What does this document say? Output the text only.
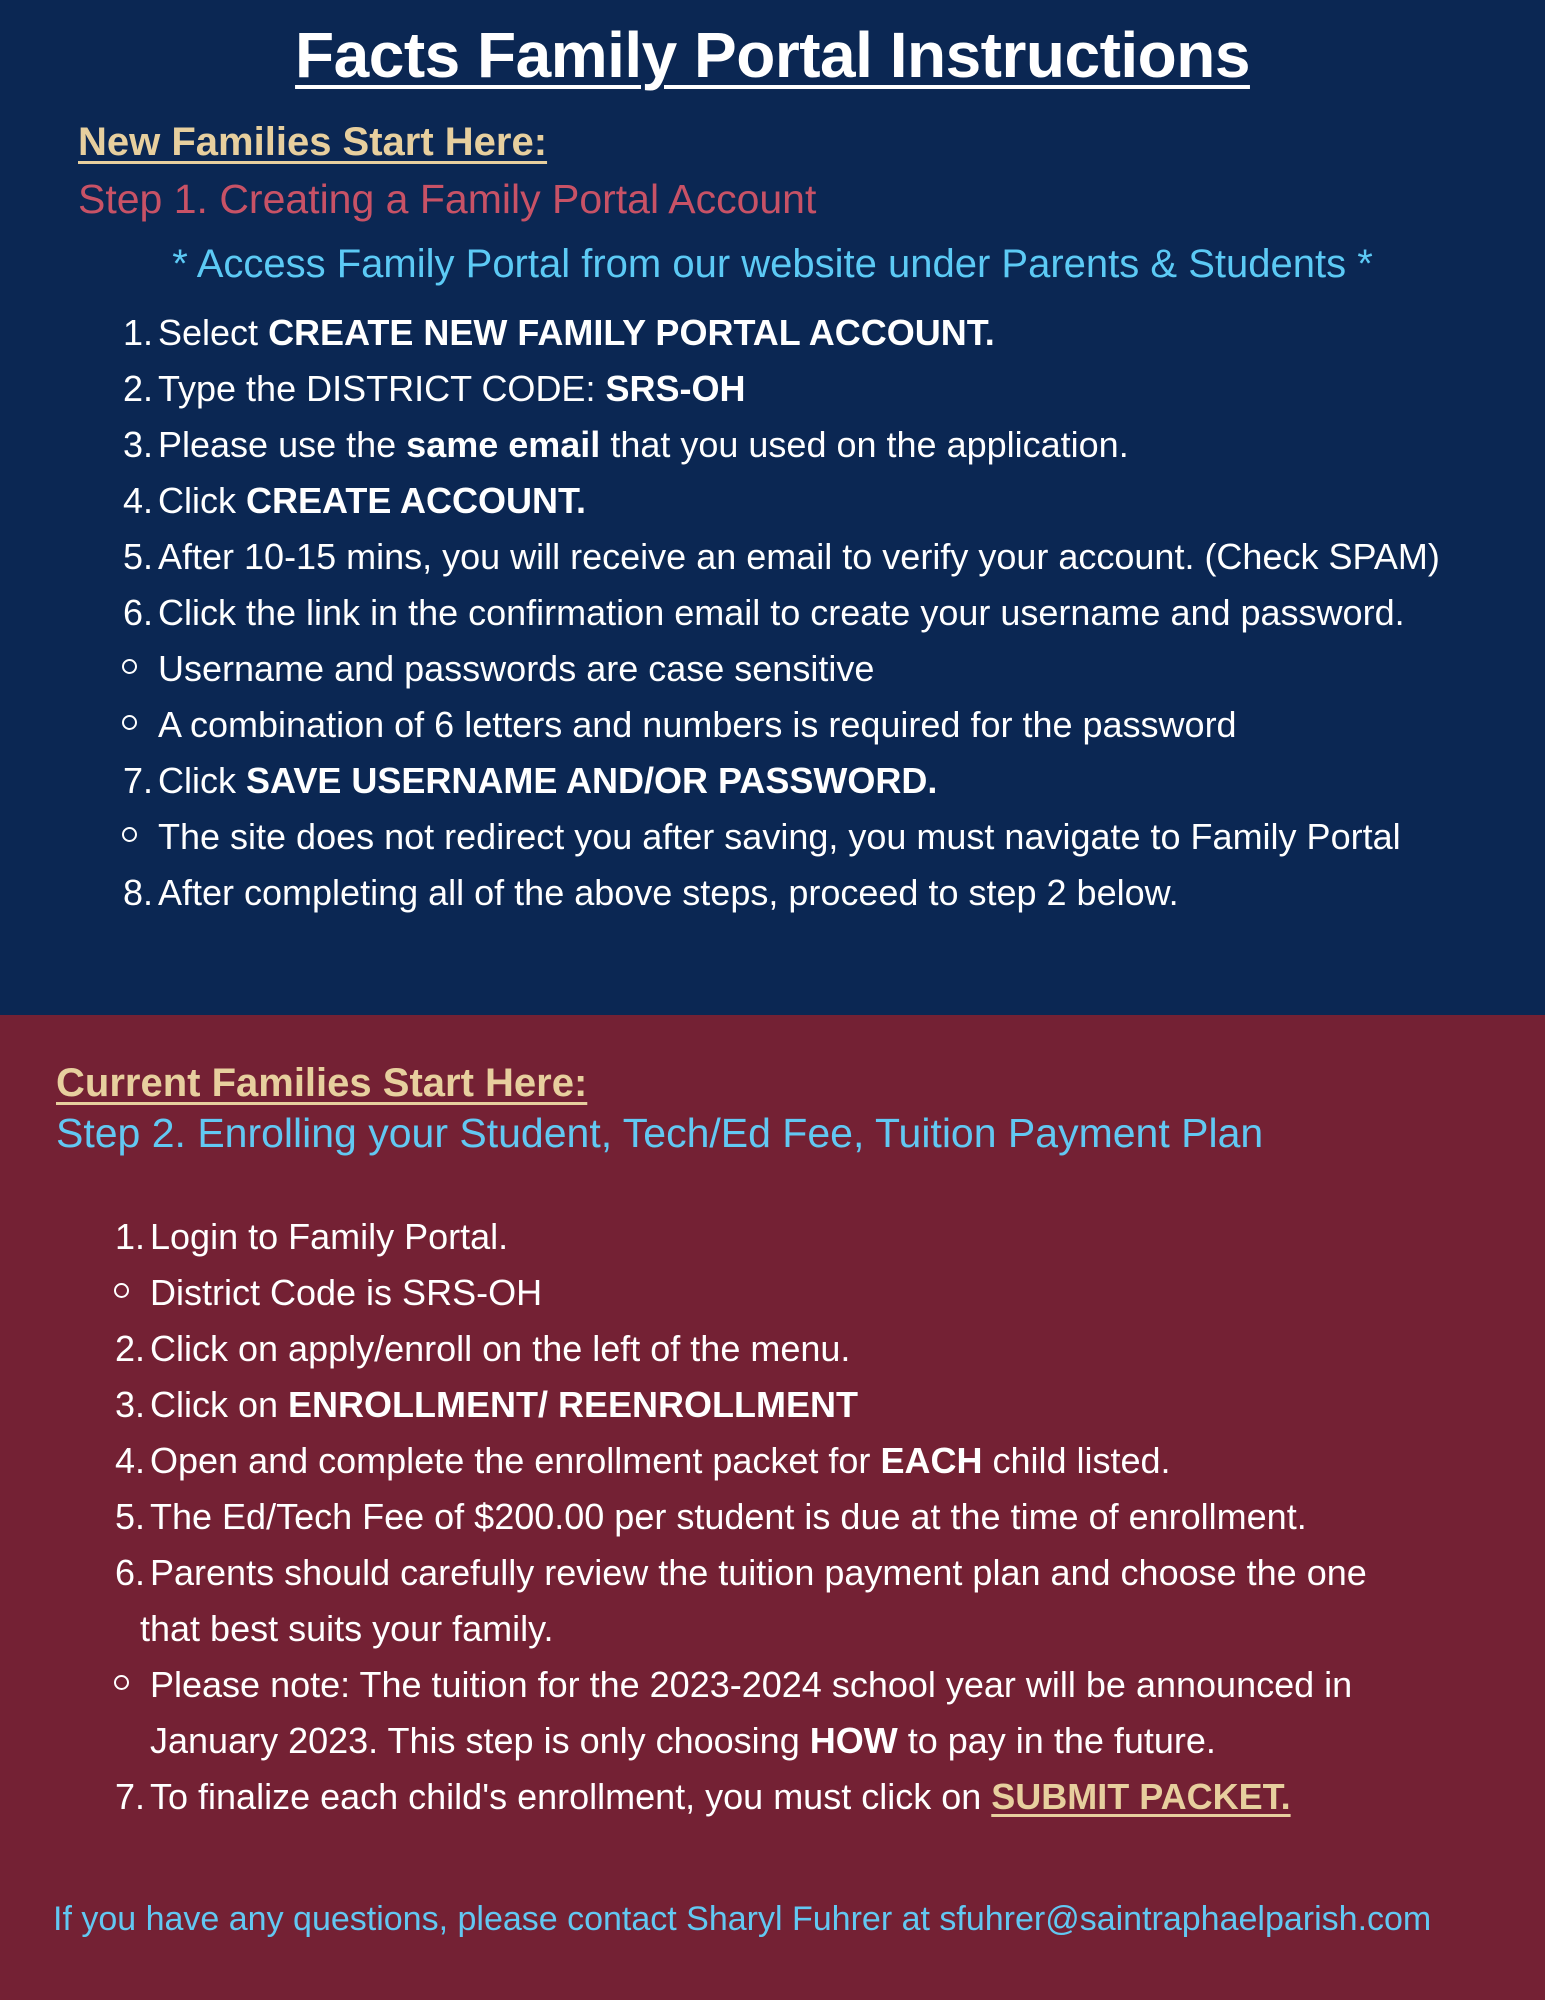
Facts Family Portal Instructions
New Families Start Here:
Step 1. Creating a Family Portal Account
* Access Family Portal from our website under Parents & Students *
1. Select CREATE NEW FAMILY PORTAL ACCOUNT.
2. Type the DISTRICT CODE: SRS-OH
3. Please use the same email that you used on the application.
4. Click CREATE ACCOUNT.
5. After 10-15 mins, you will receive an email to verify your account. (Check SPAM)
6. Click the link in the confirmation email to create your username and password.
Username and passwords are case sensitive
A combination of 6 letters and numbers is required for the password
7. Click SAVE USERNAME AND/OR PASSWORD.
The site does not redirect you after saving, you must navigate to Family Portal
8. After completing all of the above steps, proceed to step 2 below.
Current Families Start Here:
Step 2. Enrolling your Student, Tech/Ed Fee, Tuition Payment Plan
1. Login to Family Portal.
District Code is SRS-OH
2. Click on apply/enroll on the left of the menu.
3. Click on ENROLLMENT/ REENROLLMENT
4. Open and complete the enrollment packet for EACH child listed.
5. The Ed/Tech Fee of $200.00 per student is due at the time of enrollment.
6. Parents should carefully review the tuition payment plan and choose the one
that best suits your family.
Please note: The tuition for the 2023-2024 school year will be announced in
January 2023. This step is only choosing HOW to pay in the future.
7. To finalize each child's enrollment, you must click on SUBMIT PACKET.
If you have any questions, please contact Sharyl Fuhrer at sfuhrer@saintraphaelparish.com
